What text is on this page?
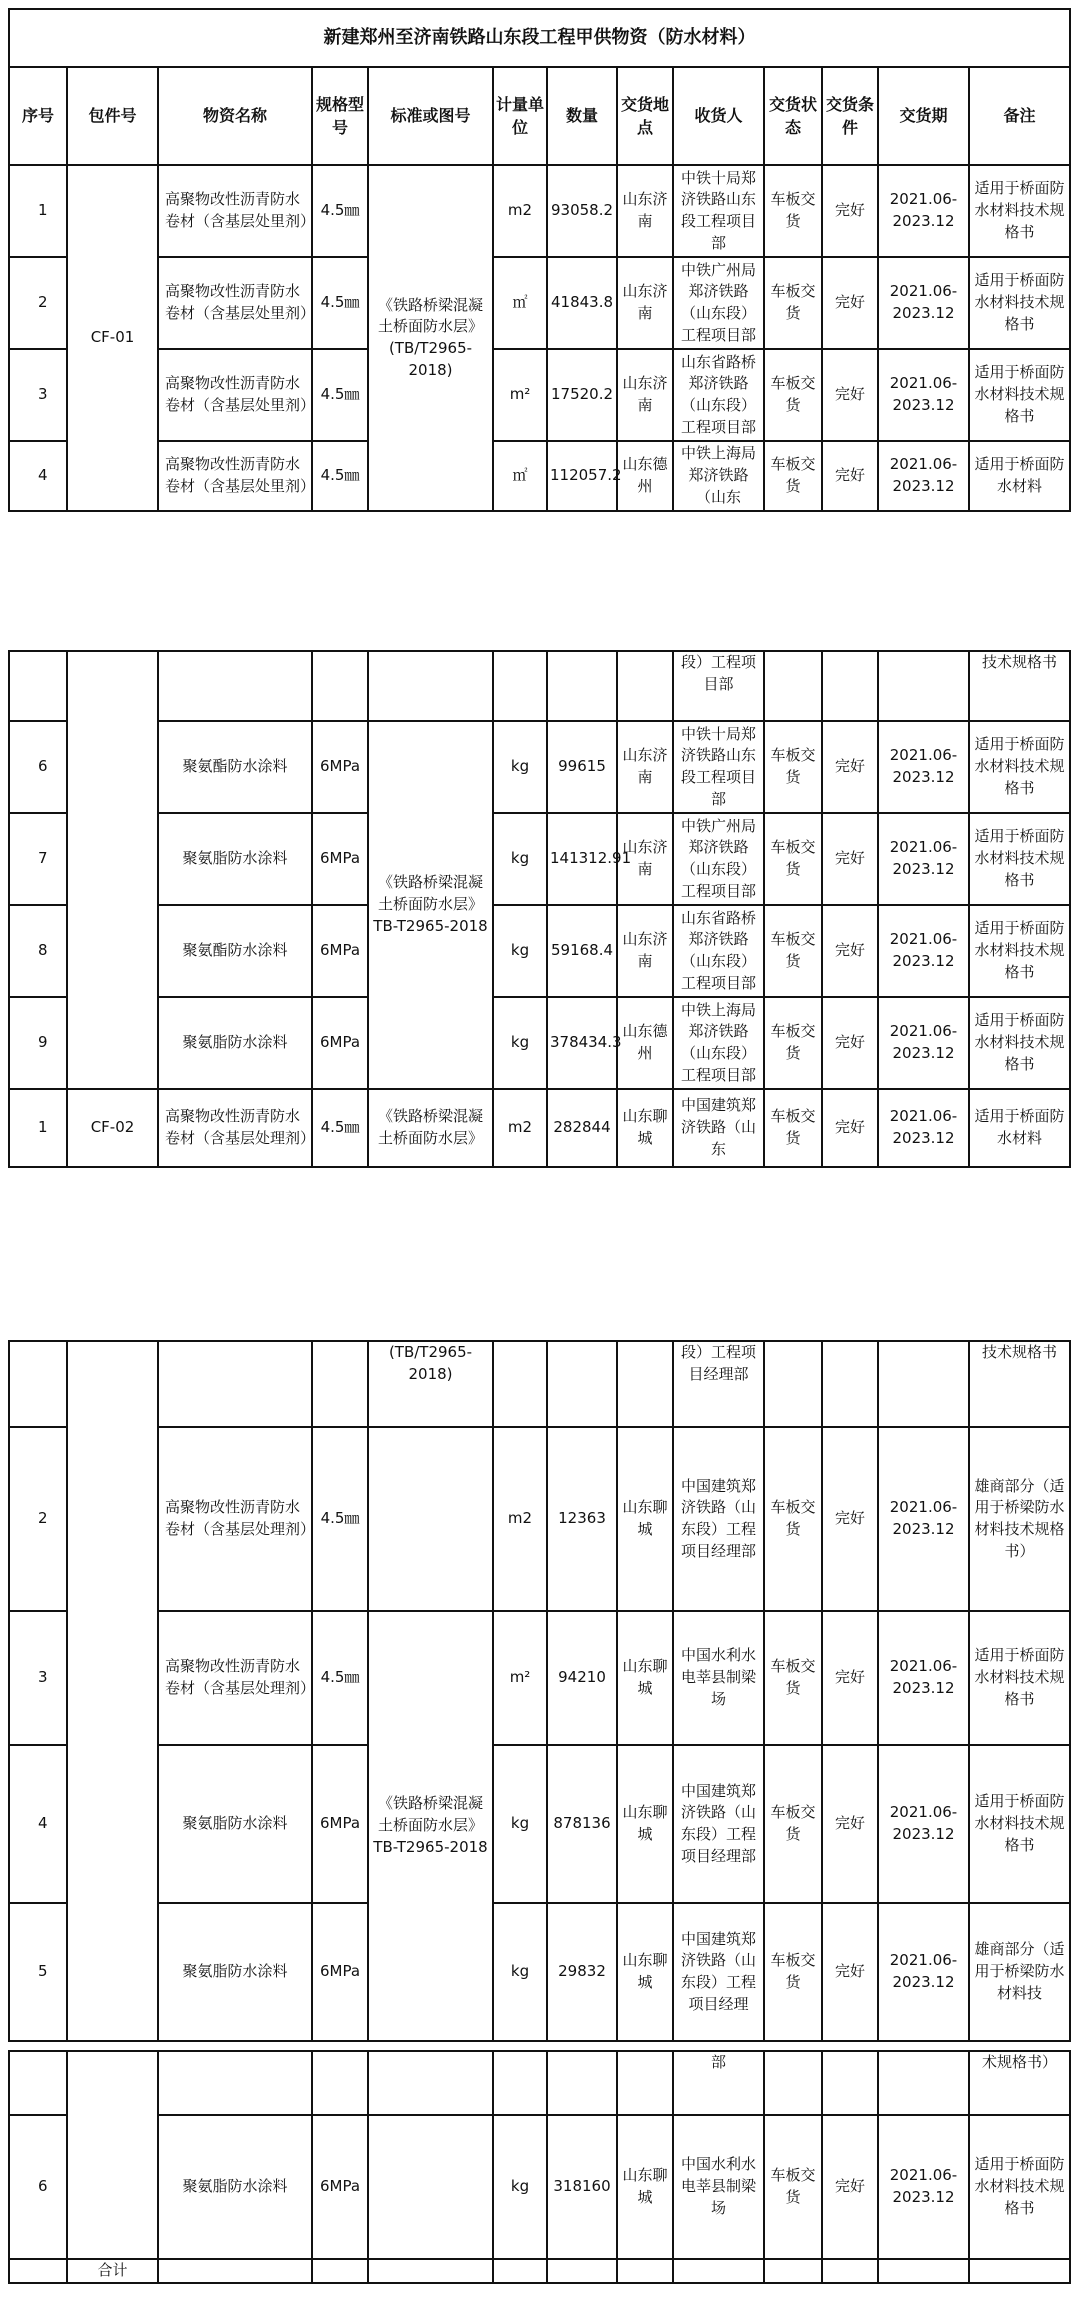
新建郑州至济南铁路山东段工程甲供物资（防水材料）												
序号	包件号	物资名称	规格型号	标准或图号	计量单位	数量	交货地点	收货人	交货状态	交货条件	交货期	备注
1	CF-01	高聚物改性沥青防水卷材（含基层处里剂）	4.5㎜	《铁路桥梁混凝土桥面防水层》(TB/T2965-2018)	m2	93058.2	山东济南	中铁十局郑济铁路山东段工程项目部	车板交货	完好	2021.06-2023.12	适用于桥面防水材料技术规格书
2		高聚物改性沥青防水卷材（含基层处里剂）	4.5㎜		㎡	41843.8	山东济南	中铁广州局郑济铁路（山东段）工程项目部	车板交货	完好	2021.06-2023.12	适用于桥面防水材料技术规格书
3		高聚物改性沥青防水卷材（含基层处里剂）	4.5㎜		m²	17520.2	山东济南	山东省路桥郑济铁路（山东段）工程项目部	车板交货	完好	2021.06-2023.12	适用于桥面防水材料技术规格书
4		高聚物改性沥青防水卷材（含基层处里剂）	4.5㎜		㎡	112057.2	山东德州	中铁上海局郑济铁路（山东	车板交货	完好	2021.06-2023.12	适用于桥面防水材料
								段）工程项目部				技术规格书
6		聚氨酯防水涂料	6MPa	《铁路桥梁混凝土桥面防水层》TB-T2965-2018	kg	99615	山东济南	中铁十局郑济铁路山东段工程项目部	车板交货	完好	2021.06-2023.12	适用于桥面防水材料技术规格书
7		聚氨脂防水涂料	6MPa		kg	141312.91	山东济南	中铁广州局郑济铁路（山东段）工程项目部	车板交货	完好	2021.06-2023.12	适用于桥面防水材料技术规格书
8		聚氨酯防水涂料	6MPa		kg	59168.4	山东济南	山东省路桥郑济铁路（山东段）工程项目部	车板交货	完好	2021.06-2023.12	适用于桥面防水材料技术规格书
9		聚氨脂防水涂料	6MPa		kg	378434.3	山东德州	中铁上海局郑济铁路（山东段）工程项目部	车板交货	完好	2021.06-2023.12	适用于桥面防水材料技术规格书
1	CF-02	高聚物改性沥青防水卷材（含基层处理剂）	4.5㎜	《铁路桥梁混凝土桥面防水层》	m2	282844	山东聊城	中国建筑郑济铁路（山东	车板交货	完好	2021.06-2023.12	适用于桥面防水材料
				(TB/T2965-2018)				段）工程项目经理部				技术规格书
2		高聚物改性沥青防水卷材（含基层处理剂）	4.5㎜		m2	12363	山东聊城	中国建筑郑济铁路（山东段）工程项目经理部	车板交货	完好	2021.06-2023.12	雄商部分（适用于桥梁防水材料技术规格书）
3		高聚物改性沥青防水卷材（含基层处理剂）	4.5㎜	《铁路桥梁混凝土桥面防水层》TB-T2965-2018	m²	94210	山东聊城	中国水利水电莘县制梁场	车板交货	完好	2021.06-2023.12	适用于桥面防水材料技术规格书
4		聚氨脂防水涂料	6MPa		kg	878136	山东聊城	中国建筑郑济铁路（山东段）工程项目经理部	车板交货	完好	2021.06-2023.12	适用于桥面防水材料技术规格书
5		聚氨脂防水涂料	6MPa		kg	29832	山东聊城	中国建筑郑济铁路（山东段）工程项目经理	车板交货	完好	2021.06-2023.12	雄商部分（适用于桥梁防水材料技
								部				术规格书）
6		聚氨脂防水涂料	6MPa		kg	318160	山东聊城	中国水利水电莘县制梁场	车板交货	完好	2021.06-2023.12	适用于桥面防水材料技术规格书
	合计											
